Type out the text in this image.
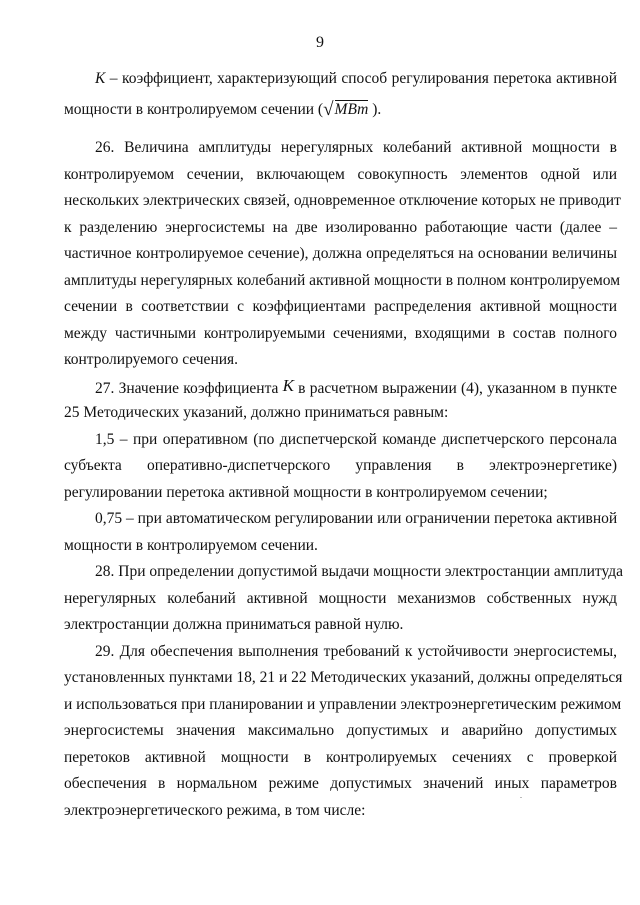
9
K – коэффициент, характеризующий способ регулирования перетока активной
мощности в контролируемом сечении (√МВт ).
26. Величина амплитуды нерегулярных колебаний активной мощности в
контролируемом сечении, включающем совокупность элементов одной или
нескольких электрических связей, одновременное отключение которых не приводит
к разделению энергосистемы на две изолированно работающие части (далее –
частичное контролируемое сечение), должна определяться на основании величины
амплитуды нерегулярных колебаний активной мощности в полном контролируемом
сечении в соответствии с коэффициентами распределения активной мощности
между частичными контролируемыми сечениями, входящими в состав полного
контролируемого сечения.
27. Значение коэффициента K в расчетном выражении (4), указанном в пункте
25 Методических указаний, должно приниматься равным:
1,5 – при оперативном (по диспетчерской команде диспетчерского персонала
субъекта оперативно-диспетчерского управления в электроэнергетике)
регулировании перетока активной мощности в контролируемом сечении;
0,75 – при автоматическом регулировании или ограничении перетока активной
мощности в контролируемом сечении.
28. При определении допустимой выдачи мощности электростанции амплитуда
нерегулярных колебаний активной мощности механизмов собственных нужд
электростанции должна приниматься равной нулю.
29. Для обеспечения выполнения требований к устойчивости энергосистемы,
установленных пунктами 18, 21 и 22 Методических указаний, должны определяться
и использоваться при планировании и управлении электроэнергетическим режимом
энергосистемы значения максимально допустимых и аварийно допустимых
перетоков активной мощности в контролируемых сечениях с проверкой
обеспечения в нормальном режиме допустимых значений иных параметров
электроэнергетического режима, в том числе:
